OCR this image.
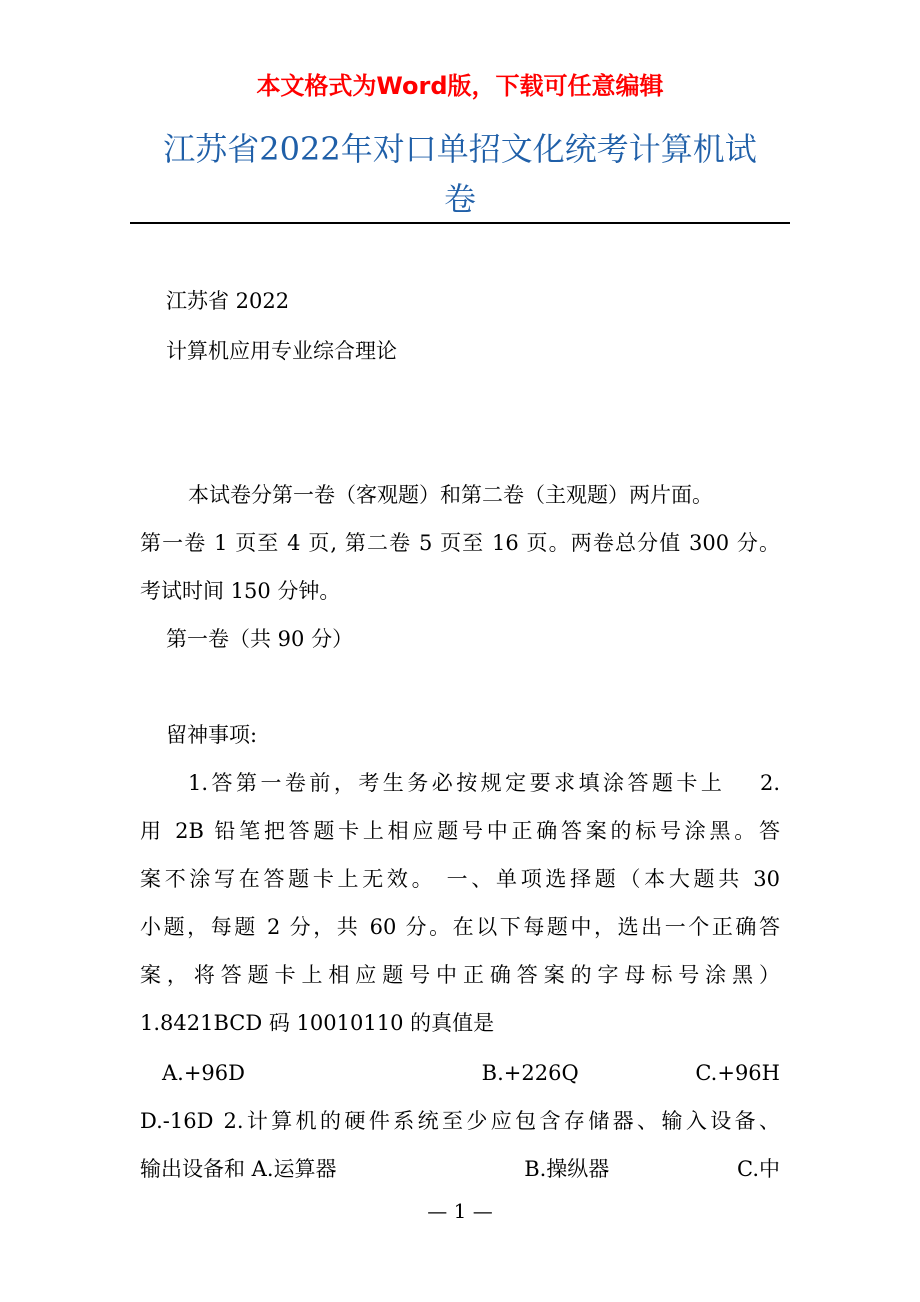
本文格式为Word版，下载可任意编辑
江苏省2022年对口单招文化统考计算机试
卷
江苏省 2022
计算机应用专业综合理论
本试卷分第一卷（客观题）和第二卷（主观题）两片面。
第一卷 1 页至 4 页, 第二卷 5 页至 16 页。两卷总分值 300 分。
考试时间 150 分钟。
第一卷（共 90 分）
留神事项:
1.答第一卷前，考生务必按规定要求填涂答题卡上　 2.
用 2B 铅笔把答题卡上相应题号中正确答案的标号涂黑。答
案不涂写在答题卡上无效。 一、单项选择题（本大题共 30
小题，每题 2 分，共 60 分。在以下每题中，选出一个正确答
案，将答题卡上相应题号中正确答案的字母标号涂黑）
1.8421BCD 码 10010110 的真值是
A.+96D	B.+226Q	C.+96H
D.-16D 2.计算机的硬件系统至少应包含存储器、输入设备、
输出设备和 A.运算器	B.操纵器	C.中
— 1 —
